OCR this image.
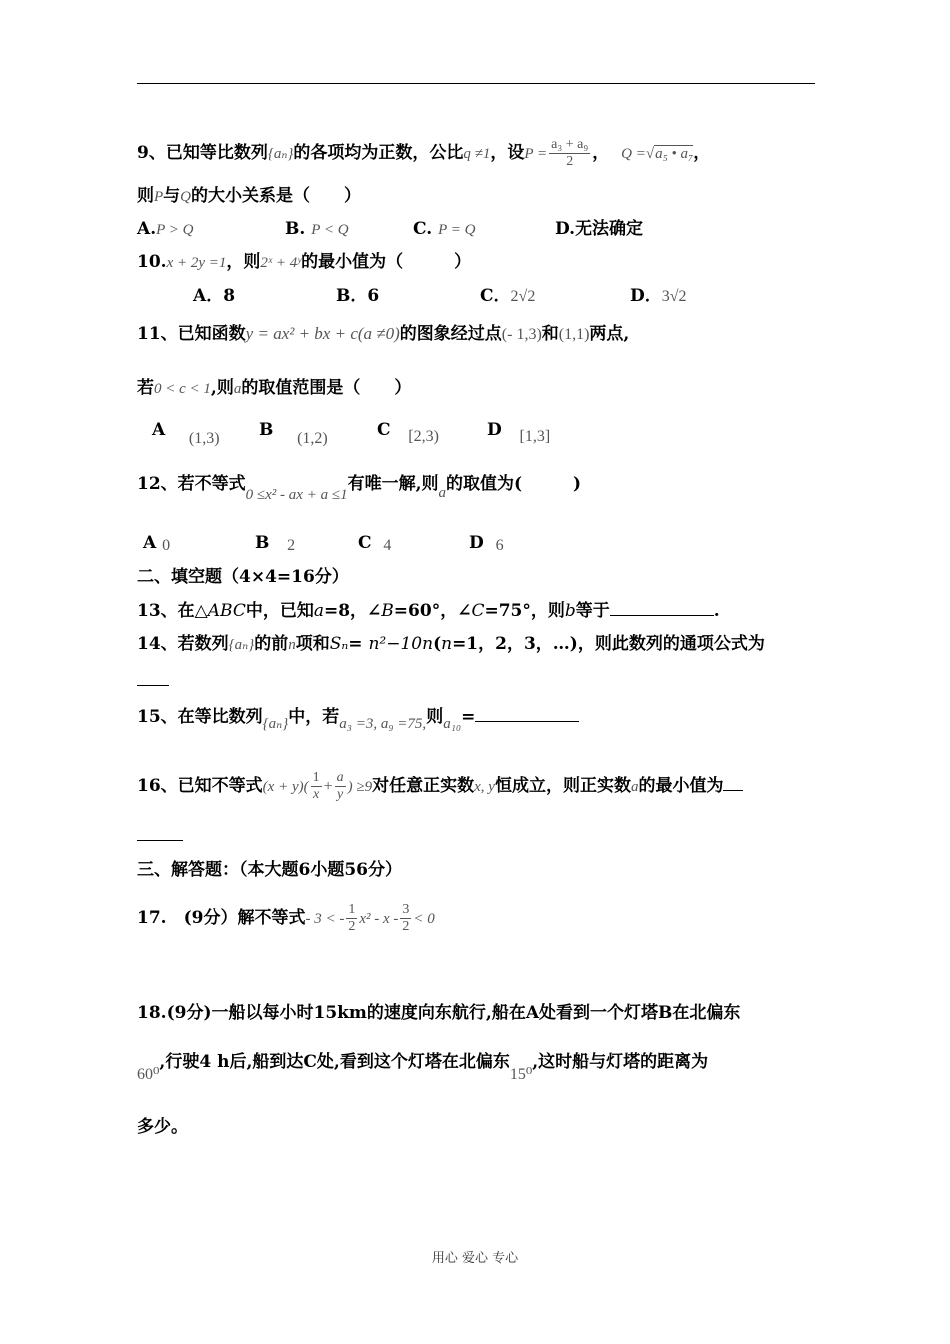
9、已知等比数列{aₙ}的各项均为正数，公比q ≠1，设$P = \frac{\text{a₃ + a₉}}{2}$ ， Q =√a₅ • a₇，
则P与Q的大小关系是（　　）
A.P > Q	B. P < Q	C. P = Q	D.无法确定
10.x + 2y =1，则2ˣ + 4ʸ的最小值为（　　　）
A．8	B．6	C．2√2	D．3√2
11、已知函数y = ax² + bx + c(a ≠0)的图象经过点(- 1,3)和(1,1)两点,
若0 < c < 1,则a的取值范围是（　　）
A (1,3) B (1,2)	C [2,3)	D [1,3]
12、若不等式0 ≤x² - ax + a ≤1有唯一解,则a的取值为(　　　)
A 0	B 2	C 4	D 6
二、填空题（4×4=16分）
13、在△ABC中，已知a=8，∠B=60°，∠C=75°，则b等于	.
14、若数列{aₙ}的前n项和Sₙ= n²−10n(n=1，2，3，…)，则此数列的通项公式为
15、在等比数列{aₙ}中，若a₃ =3, a₉ =75,则a₁₀=
16、已知不等式$(x + y)( \frac{1}{x} + \frac{a}{y}$ ) ≥9对任意正实数x, y恒成立，则正实数a的最小值为
三、解答题：（本大题6小题56分）
17.　(9分）解不等式- 3 < - $\frac{1}{2} x^2 - x - \frac{3}{2} < 0$
18.(9分)一船以每小时15km的速度向东航行,船在A处看到一个灯塔B在北偏东
60⁰,行驶4 h后,船到达C处,看到这个灯塔在北偏东15⁰,这时船与灯塔的距离为
多少。
用心 爱心 专心
